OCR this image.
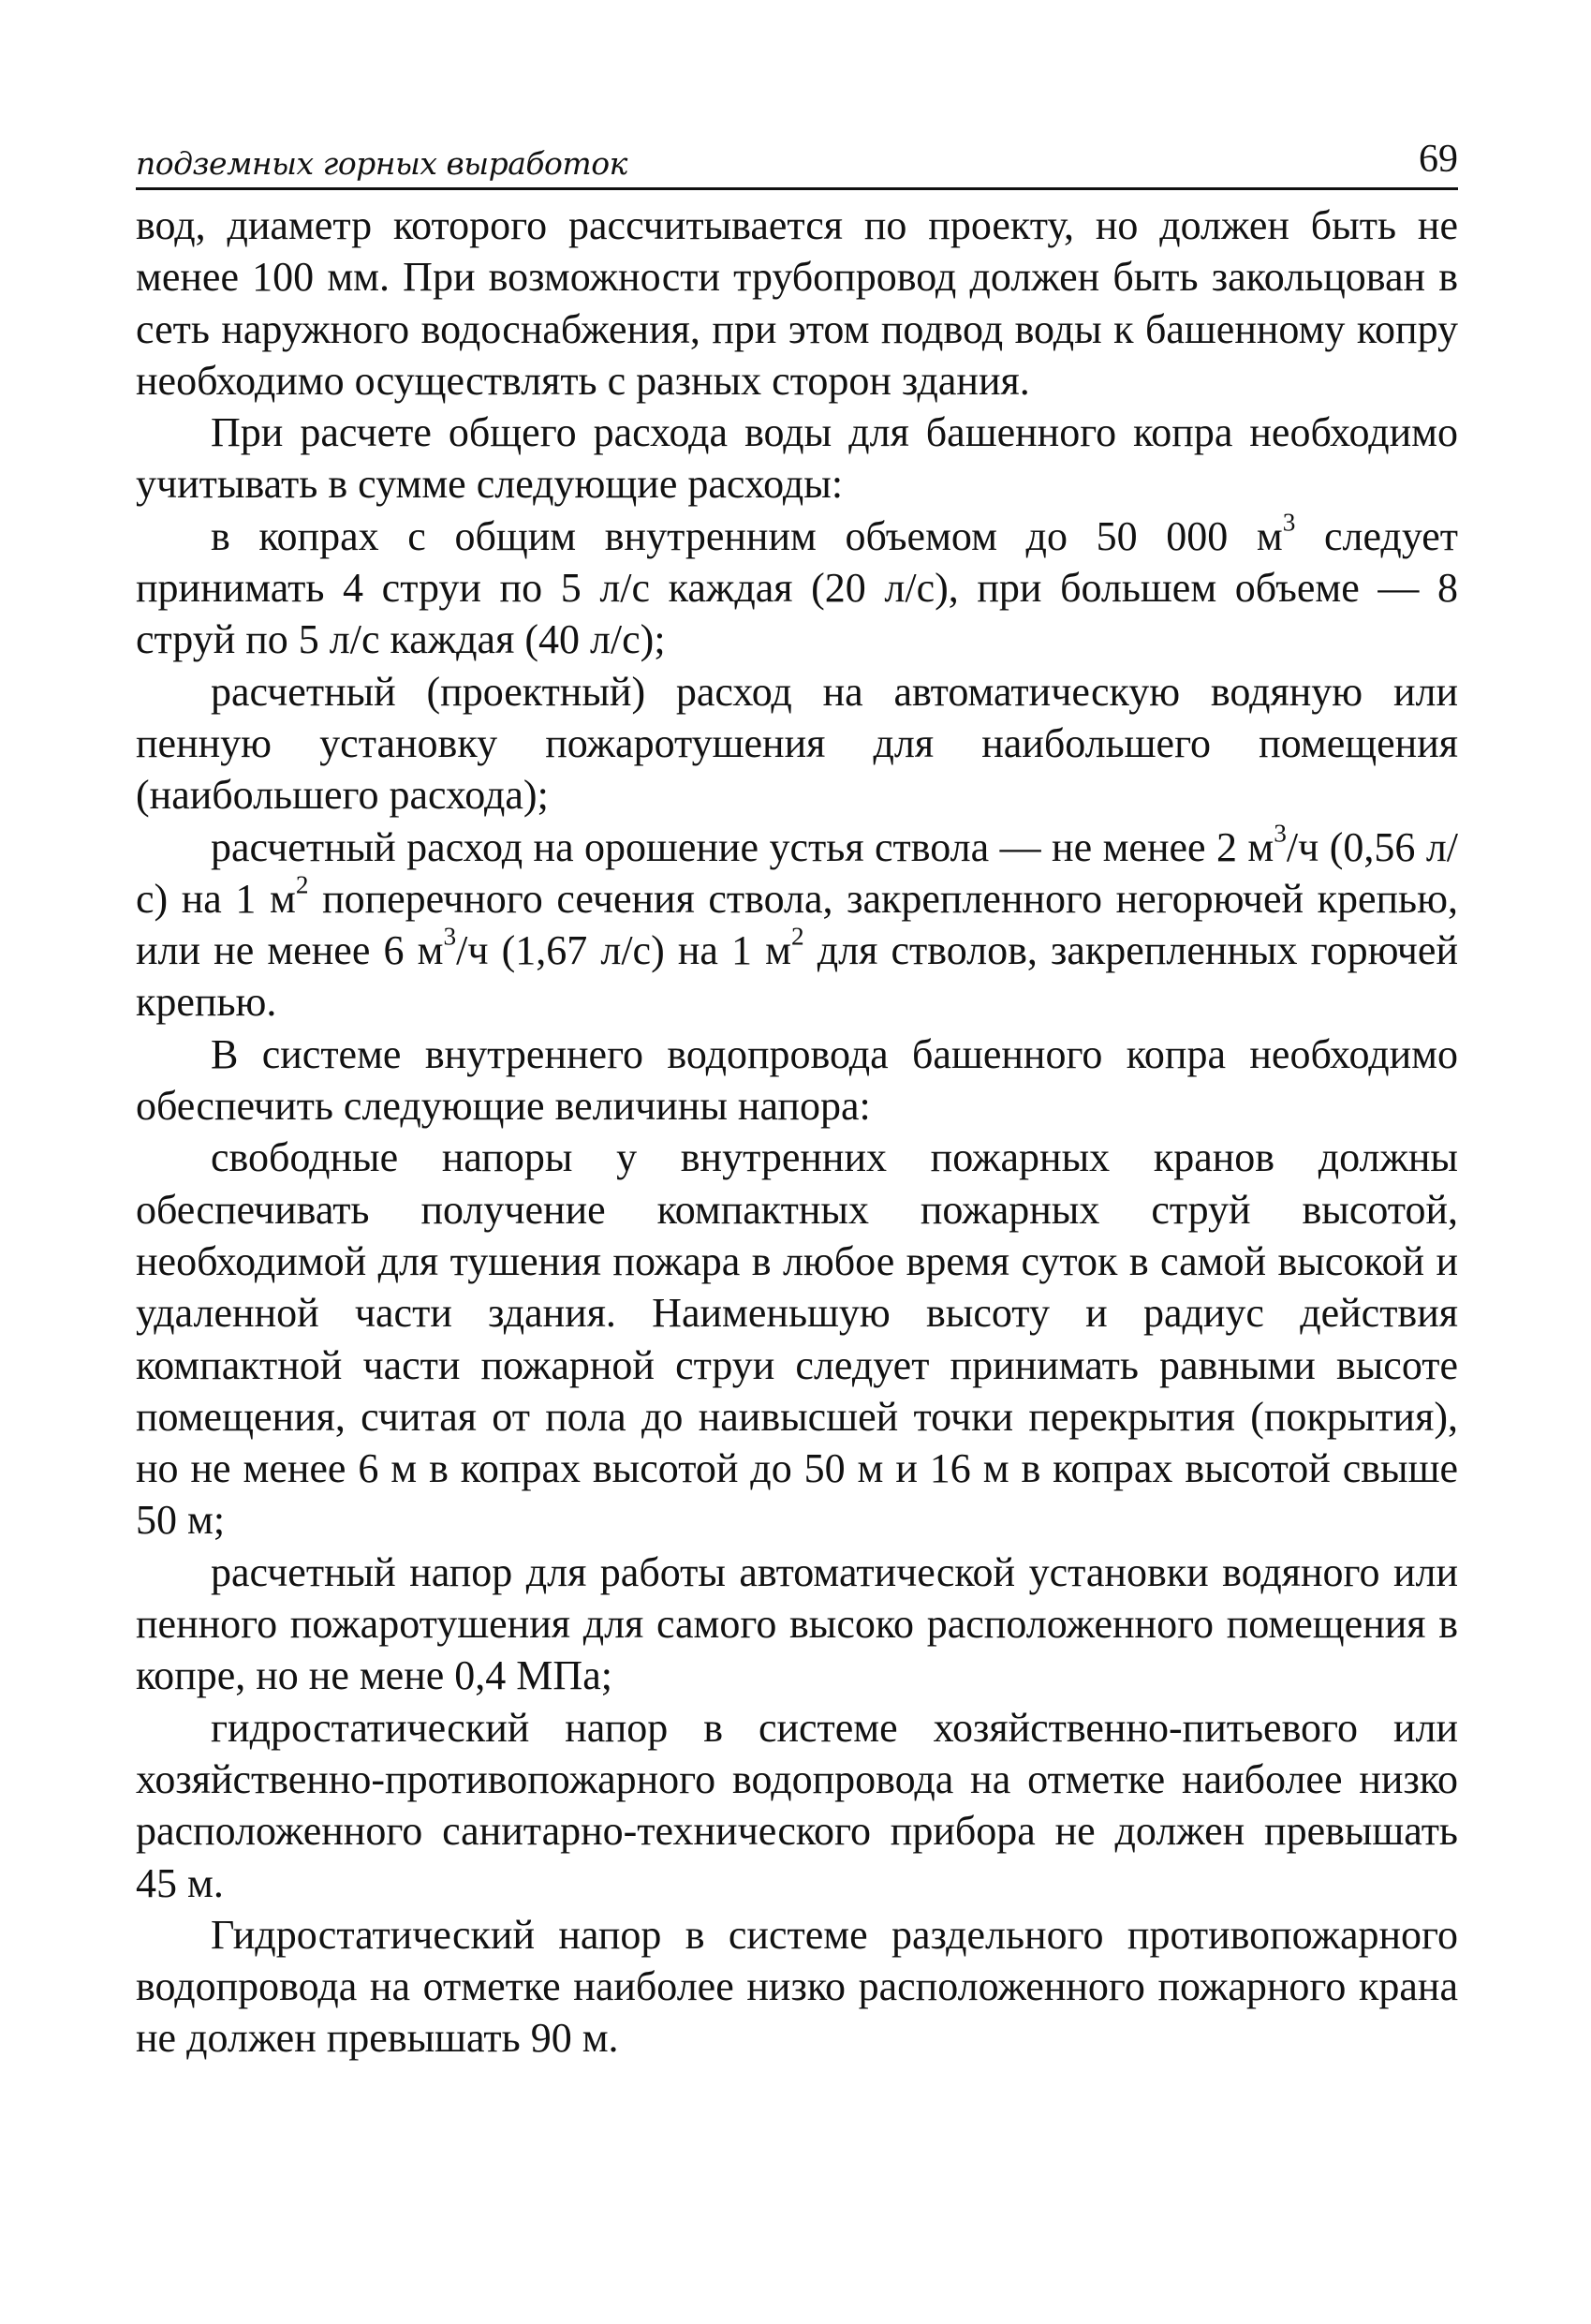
подземных горных выработок	69

вод, диаметр которого рассчитывается по проекту, но должен быть не менее 100 мм. При возможности трубопровод должен быть закольцован в сеть наружного водоснабжения, при этом подвод воды к башенному копру необходимо осуществлять с разных сторон здания.

При расчете общего расхода воды для башенного копра необходимо учитывать в сумме следующие расходы:

в копрах с общим внутренним объемом до 50 000 $м^3$ следует принимать 4 струи по 5 л/с каждая (20 л/с), при большем объеме — 8 струй по 5 л/с каждая (40 л/с);

расчетный (проектный) расход на автоматическую водяную или пенную установку пожаротушения для наибольшего помещения (наибольшего расхода);

расчетный расход на орошение устья ствола — не менее 2 $м^3/ч$ (0,56 л/с) на 1 $м^2$ поперечного сечения ствола, закрепленного негорючей крепью, или не менее 6 $м^3/ч$ (1,67 л/с) на 1 $м^2$ для стволов, закрепленных горючей крепью.

В системе внутреннего водопровода башенного копра необходимо обеспечить следующие величины напора:

свободные напоры у внутренних пожарных кранов должны обеспечивать получение компактных пожарных струй высотой, необходимой для тушения пожара в любое время суток в самой высокой и удаленной части здания. Наименьшую высоту и радиус действия компактной части пожарной струи следует принимать равными высоте помещения, считая от пола до наивысшей точки перекрытия (покрытия), но не менее 6 м в копрах высотой до 50 м и 16 м в копрах высотой свыше 50 м;

расчетный напор для работы автоматической установки водяного или пенного пожаротушения для самого высоко расположенного помещения в копре, но не мене 0,4 МПа;

гидростатический напор в системе хозяйственно-питьевого или хозяйственно-противопожарного водопровода на отметке наиболее низко расположенного санитарно-технического прибора не должен превышать 45 м.

Гидростатический напор в системе раздельного противопожарного водопровода на отметке наиболее низко расположенного пожарного крана не должен превышать 90 м.
